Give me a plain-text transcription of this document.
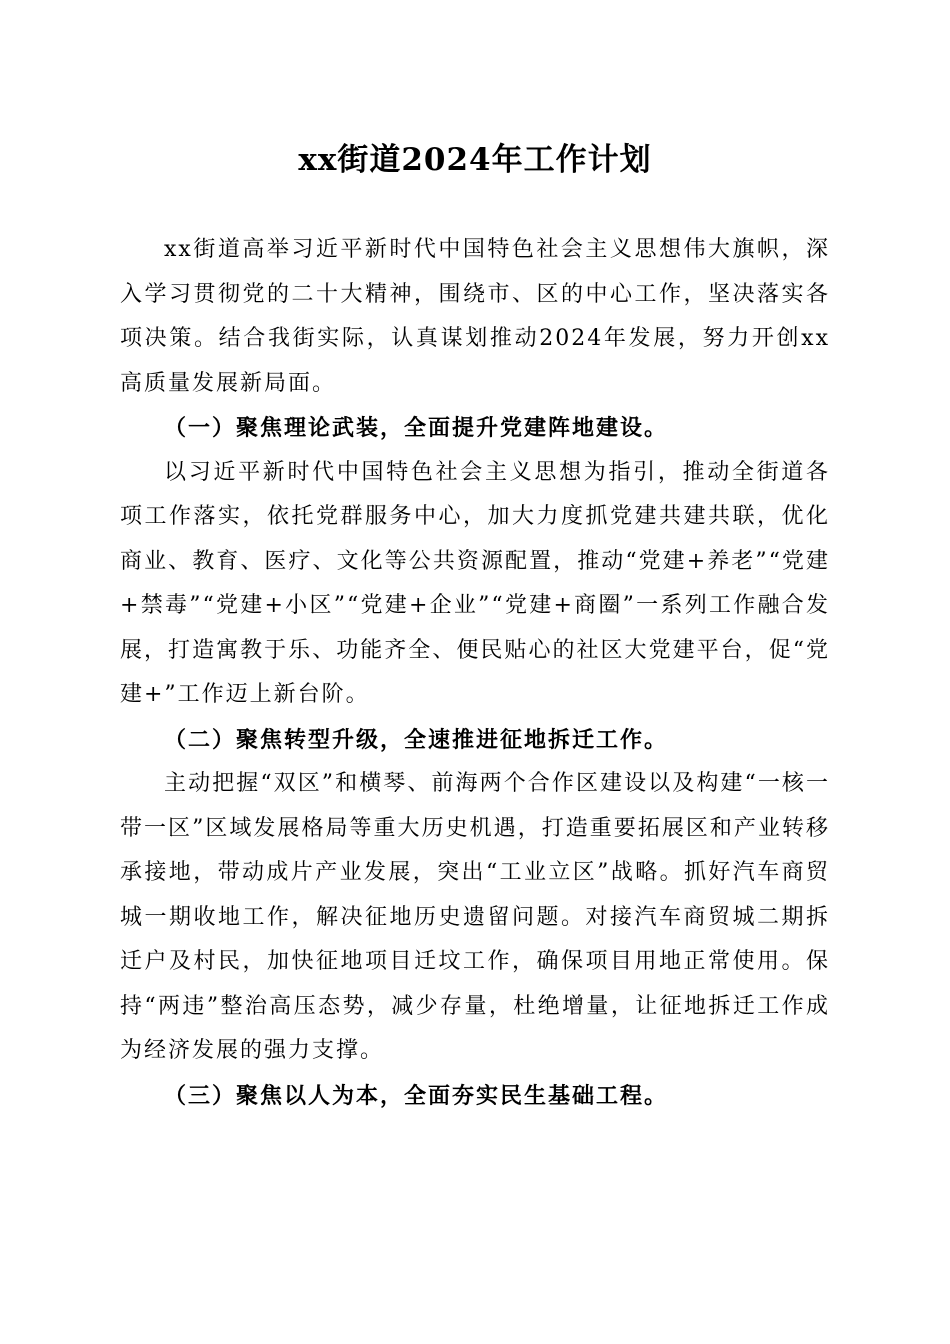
xx街道2024年工作计划

xx街道高举习近平新时代中国特色社会主义思想伟大旗帜，深入学习贯彻党的二十大精神，围绕市、区的中心工作，坚决落实各项决策。结合我街实际，认真谋划推动2024年发展，努力开创xx高质量发展新局面。

（一）聚焦理论武装，全面提升党建阵地建设。

以习近平新时代中国特色社会主义思想为指引，推动全街道各项工作落实，依托党群服务中心，加大力度抓党建共建共联，优化商业、教育、医疗、文化等公共资源配置，推动“党建+养老”“党建+禁毒”“党建+小区”“党建+企业”“党建+商圈”一系列工作融合发展，打造寓教于乐、功能齐全、便民贴心的社区大党建平台，促“党建+”工作迈上新台阶。

（二）聚焦转型升级，全速推进征地拆迁工作。

主动把握“双区”和横琴、前海两个合作区建设以及构建“一核一带一区”区域发展格局等重大历史机遇，打造重要拓展区和产业转移承接地，带动成片产业发展，突出“工业立区”战略。抓好汽车商贸城一期收地工作，解决征地历史遗留问题。对接汽车商贸城二期拆迁户及村民，加快征地项目迁坟工作，确保项目用地正常使用。保持“两违”整治高压态势，减少存量，杜绝增量，让征地拆迁工作成为经济发展的强力支撑。

（三）聚焦以人为本，全面夯实民生基础工程。
